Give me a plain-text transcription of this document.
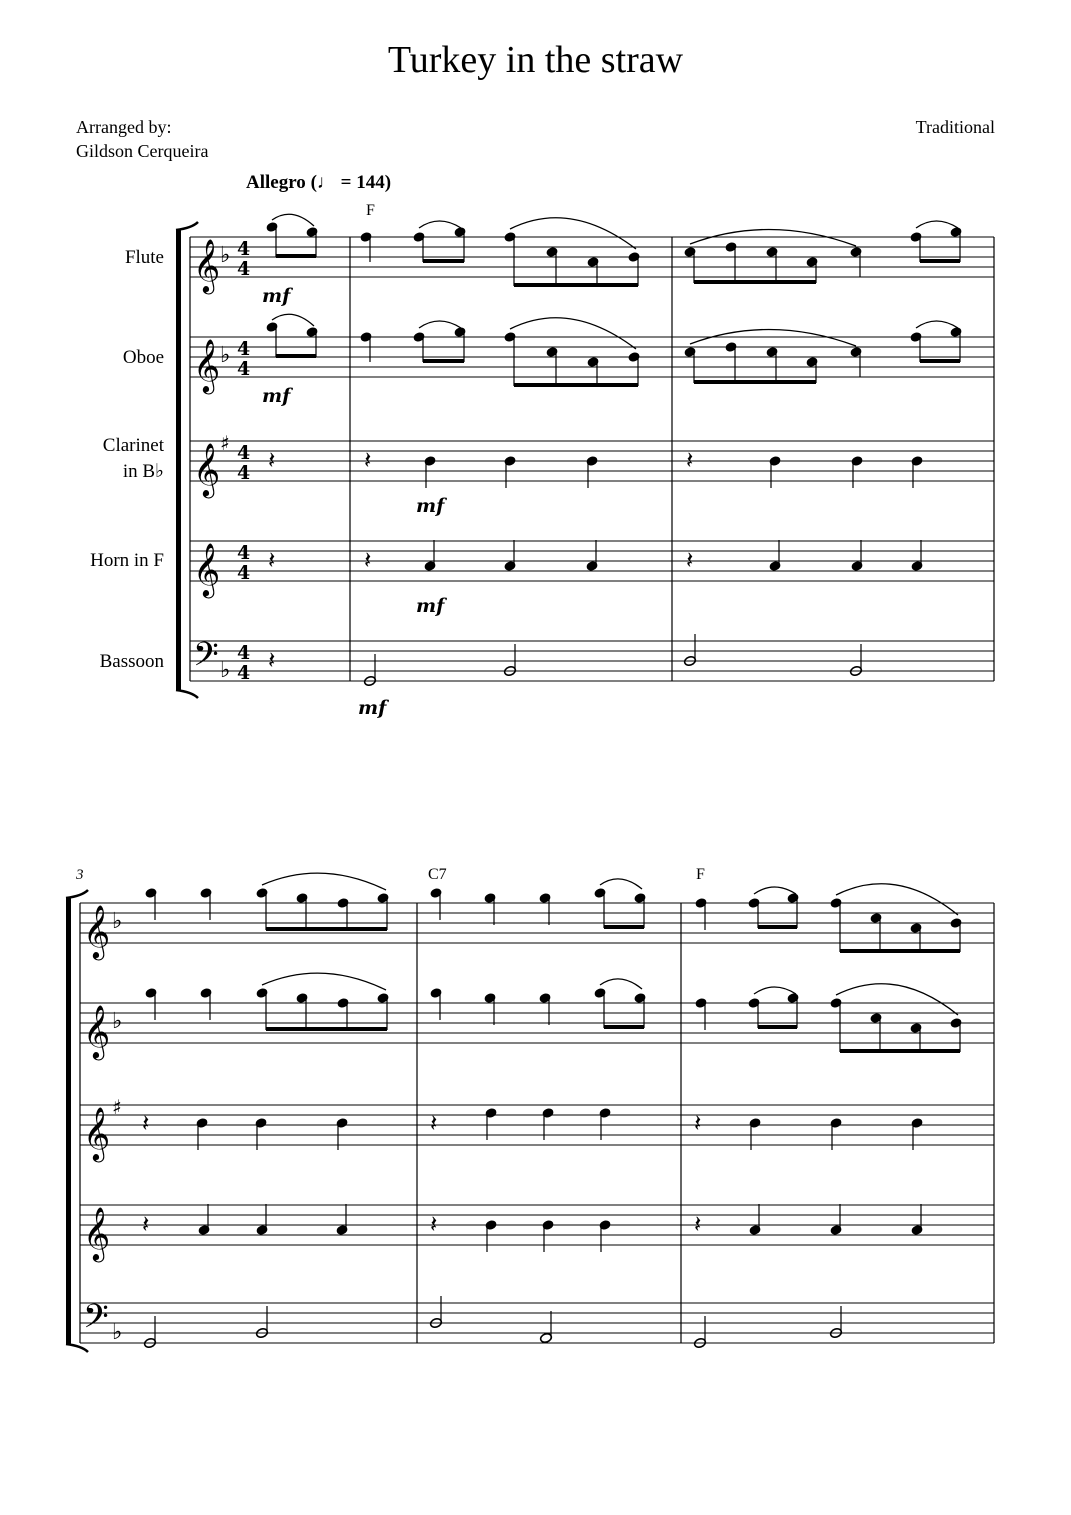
Turkey in the straw
Arranged by:
Gildson Cerqueira
Traditional
Allegro (♩ = 144)
Flute
Oboe
Clarinet
in B♭
Horn in F
Bassoon
𝄞
𝄞
𝄞
𝄞
𝄢
♭
♭
♯
♭
4
4
4
4
4
4
4
4
4
4
F
mf
mf
𝄽	𝄽	𝄽
mf
𝄽	𝄽	𝄽
mf
𝄽
mf
3	C7	F
𝄞
𝄞
𝄞
𝄞
𝄢
♭
♭
♯
♭
𝄽	𝄽	𝄽
𝄽	𝄽	𝄽
